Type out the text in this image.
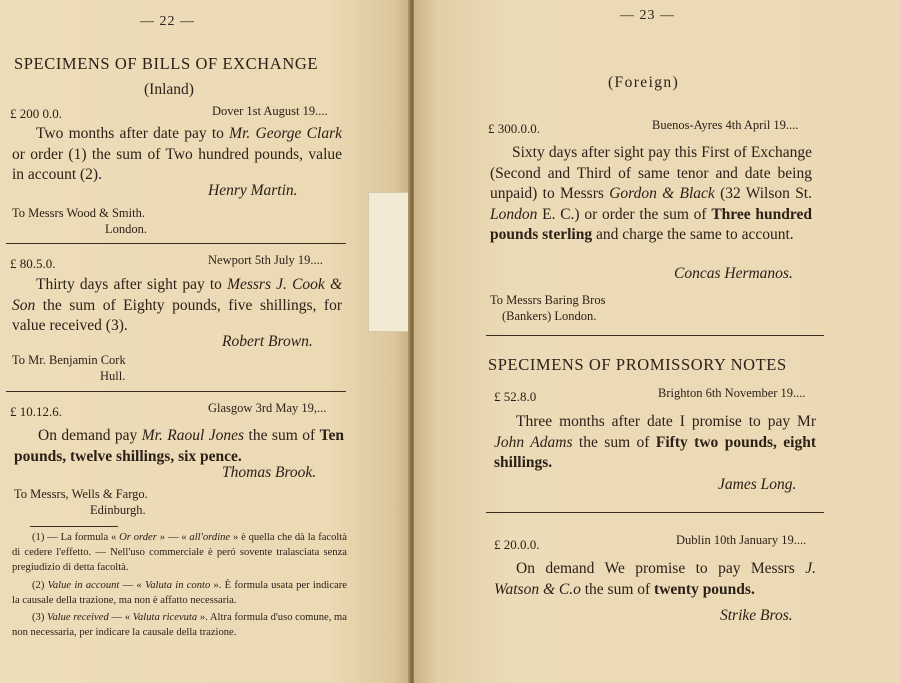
— 22 —
SPECIMENS OF BILLS OF EXCHANGE
(Inland)
£ 200 0.0.	Dover 1st August 19....
Two months after date pay to Mr. George Clark or order (1) the sum of Two hundred pounds, value in account (2).
Henry Martin.
To Messrs Wood & Smith.
London.
£ 80.5.0.	Newport 5th July 19....
Thirty days after sight pay to Messrs J. Cook & Son the sum of Eighty pounds, five shillings, for value received (3).
Robert Brown.
To Mr. Benjamin Cork
Hull.
£ 10.12.6.	Glasgow 3rd May 19,...
On demand pay Mr. Raoul Jones the sum of Ten pounds, twelve shillings, six pence.
Thomas Brook.
To Messrs, Wells & Fargo.
Edinburgh.

(1) — La formula « Or order » — « all'ordine » è quella che dà la facoltà di cedere l'effetto. — Nell'uso commerciale è peró sovente tralasciata senza pregiudizio di detta facoltà.

(2) Value in account — « Valuta in conto ». È formula usata per indicare la causale della trazione, ma non è affatto necessaria.

(3) Value received — « Valuta ricevuta ». Altra formula d'uso comune, ma non necessaria, per indicare la causale della trazione.

— 23 —
(Foreign)
£ 300.0.0.	Buenos-Ayres 4th April 19....
Sixty days after sight pay this First of Exchange (Second and Third of same tenor and date being unpaid) to Messrs Gordon & Black (32 Wilson St. London E. C.) or order the sum of Three hundred pounds sterling and charge the same to account.
Concas Hermanos.
To Messrs Baring Bros
(Bankers) London.
SPECIMENS OF PROMISSORY NOTES
£ 52.8.0	Brighton 6th November 19....
Three months after date I promise to pay Mr John Adams the sum of Fifty two pounds, eight shillings.
James Long.
£ 20.0.0.	Dublin 10th January 19....
On demand We promise to pay Messrs J. Watson & C.o the sum of twenty pounds.
Strike Bros.
